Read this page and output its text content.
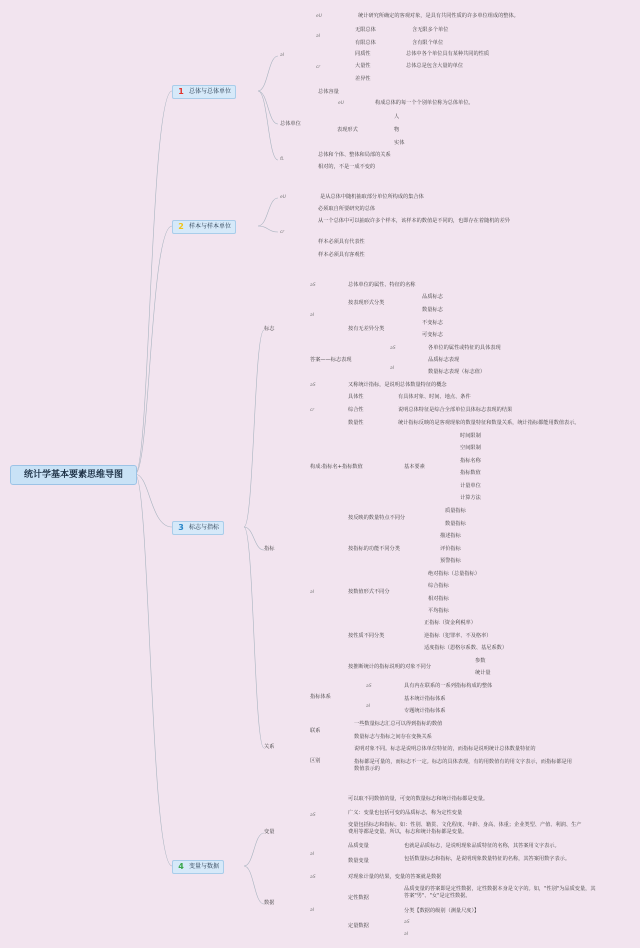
统计学基本要素思维导图
1 总体与总体单位
2 样本与样本单位
3 标志与指标
4 变量与数据
eU	统计研究所确定的客观对象，是具有共同性质的许多单位组成的整体。
aI
aI
无限总体
有限总体
含无限多个单位
含有限个单位
cr
同质性
大量性
差异性
总体中各个单位具有某种共同的性质
总体总是包含大量的单位
总体容量
总体单位
eU	构成总体的每一个个别单位称为总体单位。
表现形式
人
物
实体
fL
总体和个体、整体和局部的关系
相对的，不是一成不变的
eU	是从总体中随机抽取部分单位所构成的集合体
必须取自所要研究的总体
cr
从一个总体中可以抽取许多个样本，该样本的数值是不同的，也即存在着随机的差异
样本必须具有代表性
样本必须具有客观性
标志
aS	总体单位的属性、特征的名称
aI
按表现形式分类
品质标志
数量标志
按有无差异分类
不变标志
可变标志
答案——标志表现
aS	各单位的属性或特征的具体表现
aI
品质标志表现
数量标志表现（标志值）
指标
aS	又称统计指标，是说明总体数量特征的概念
cr
具体性
综合性
数量性
有具体对象、时间、地点、条件
说明总体特征是综合全部单位具体标志表现的结果
统计指标反映的是客观现象的数量特征和数量关系，统计指标都能用数值表示。
构成:指标名+指标数值	基本要素
时间限制
空间限制
指标名称
指标数值
计量单位
计算方法
aI
按反映的数量特点不同分
质量指标
数量指标
按指标的功能不同分类
描述指标
评价指标
预警指标
按数值形式不同分
绝对指标（总量指标）
综合指标
相对指标
平均指标
按性质不同分类
正指标（资金利税率）
逆指标（犯罪率、不及格率）
适度指标（恩格尔系数、基尼系数）
按推断统计的指标说明的对象不同分
参数
统计量
指标体系
aS	具有内在联系的一系列指标构成的整体
aI
基本统计指标体系
专题统计指标体系
关系
联系
一些数量标志汇总可以得到指标的数值
数量标志与指标之间存在变换关系
区别
说明对象不同。标志是说明总体单位特征的，而指标是说明统计总体数量特征的
指标都是可量的，而标志不一定。标志的具体表现，有的用数值有的用文字表示，而指标都是用数值表示的
变量
aS
可以取不同数值的量，可变的数量标志和统计指标都是变量。
广义：变量也包括可变的品质标志，称为定性变量
变量包括标志和指标。如：性别、籍贯、文化程度、年龄、身高、体重；企业类型、产值、利润、生产费用等都是变量。所以，标志和统计指标都是变量。
aI
品质变量	也就是品质标志，是说明现象品质特征的名称，其答案用文字表示。
数量变量	包括数量标志和指标，是说明现象数量特征的名称，其答案用数字表示。
数据
aS	对现象计量的结果，变量的答案就是数据
aI
定性数据
品质变量的答案即是定性数据，定性数据本身是文字的。如，"性别"为品质变量，其答案"男"、"女"是定性数据。
定量数据
分类【数据的级别（测量尺度）】
aS
aI
